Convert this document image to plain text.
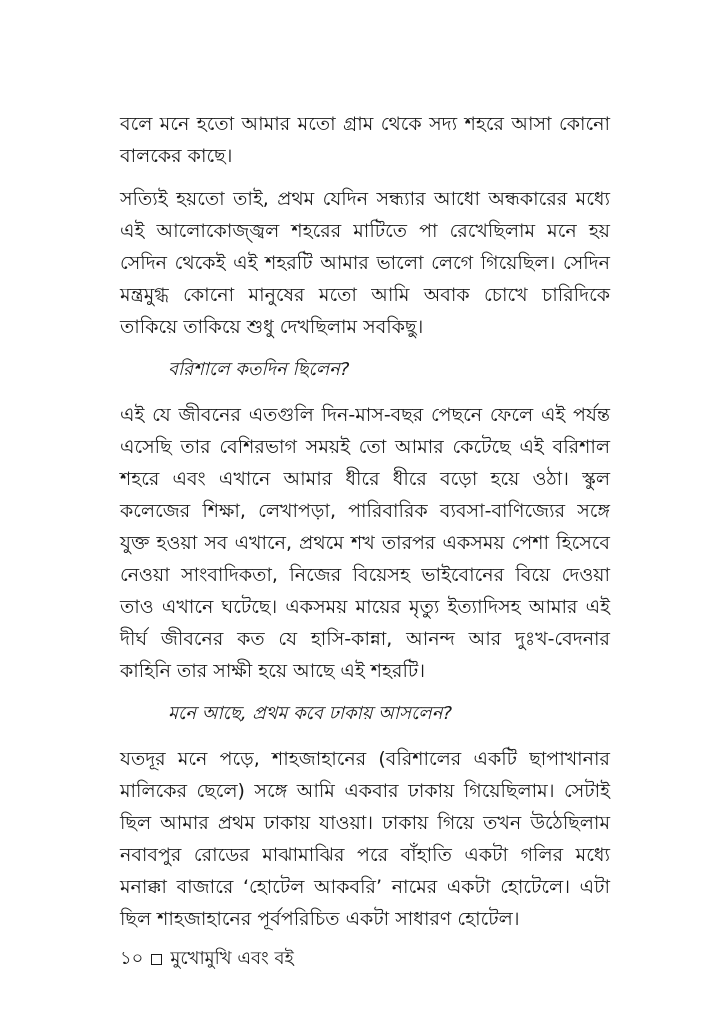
বলে মনে হতো আমার মতো গ্রাম থেকে সদ্য শহরে আসা কোনো বালকের কাছে।

সত্যিই হয়তো তাই, প্রথম যেদিন সন্ধ্যার আধো অন্ধকারের মধ্যে এই আলোকোজ্জ্বল শহরের মাটিতে পা রেখেছিলাম মনে হয় সেদিন থেকেই এই শহরটি আমার ভালো লেগে গিয়েছিল। সেদিন মন্ত্রমুগ্ধ কোনো মানুষের মতো আমি অবাক চোখে চারিদিকে তাকিয়ে তাকিয়ে শুধু দেখছিলাম সবকিছু।

বরিশালে কতদিন ছিলেন?

এই যে জীবনের এতগুলি দিন-মাস-বছর পেছনে ফেলে এই পর্যন্ত এসেছি তার বেশিরভাগ সময়ই তো আমার কেটেছে এই বরিশাল শহরে এবং এখানে আমার ধীরে ধীরে বড়ো হয়ে ওঠা। স্কুল কলেজের শিক্ষা, লেখাপড়া, পারিবারিক ব্যবসা-বাণিজ্যের সঙ্গে যুক্ত হওয়া সব এখানে, প্রথমে শখ তারপর একসময় পেশা হিসেবে নেওয়া সাংবাদিকতা, নিজের বিয়েসহ ভাইবোনের বিয়ে দেওয়া তাও এখানে ঘটেছে। একসময় মায়ের মৃত্যু ইত্যাদিসহ আমার এই দীর্ঘ জীবনের কত যে হাসি-কান্না, আনন্দ আর দুঃখ-বেদনার কাহিনি তার সাক্ষী হয়ে আছে এই শহরটি।

মনে আছে, প্রথম কবে ঢাকায় আসলেন?

যতদূর মনে পড়ে, শাহজাহানের (বরিশালের একটি ছাপাখানার মালিকের ছেলে) সঙ্গে আমি একবার ঢাকায় গিয়েছিলাম। সেটাই ছিল আমার প্রথম ঢাকায় যাওয়া। ঢাকায় গিয়ে তখন উঠেছিলাম নবাবপুর রোডের মাঝামাঝির পরে বাঁহাতি একটা গলির মধ্যে মনাক্কা বাজারে ‘হোটেল আকবরি’ নামের একটা হোটেলে। এটা ছিল শাহজাহানের পূর্বপরিচিত একটা সাধারণ হোটেল।

১০ মুখোমুখি এবং বই
